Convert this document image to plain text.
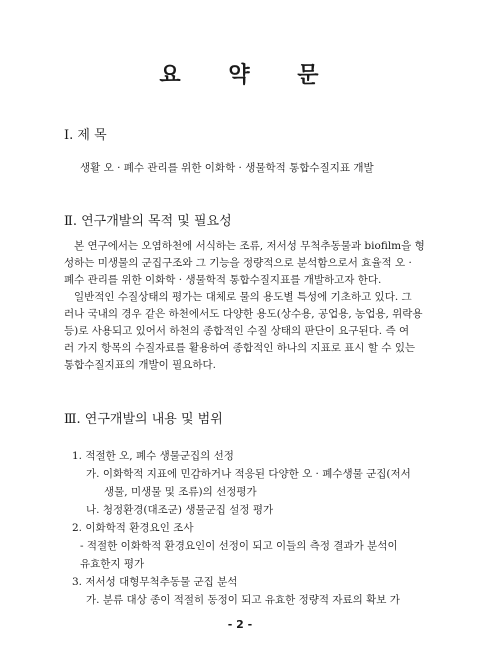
요 약 문
Ⅰ. 제 목
생활 오 · 폐수 관리를 위한 이화학 · 생물학적 통합수질지표 개발
Ⅱ. 연구개발의 목적 및 필요성
본 연구에서는 오염하천에 서식하는 조류, 저서성 무척추동물과 biofilm을 형
성하는 미생물의 군집구조와 그 기능을 정량적으로 분석함으로서 효율적 오 ·
폐수 관리를 위한 이화학 · 생물학적 통합수질지표를 개발하고자 한다.
일반적인 수질상태의 평가는 대체로 물의 용도별 특성에 기초하고 있다. 그
러나 국내의 경우 같은 하천에서도 다양한 용도(상수용, 공업용, 농업용, 위락용
등)로 사용되고 있어서 하천의 종합적인 수질 상태의 판단이 요구된다. 즉 여
러 가지 항목의 수질자료를 활용하여 종합적인 하나의 지표로 표시 할 수 있는
통합수질지표의 개발이 필요하다.
Ⅲ. 연구개발의 내용 및 범위
1. 적절한 오, 폐수 생물군집의 선정
가. 이화학적 지표에 민감하거나 적응된 다양한 오 · 폐수생물 군집(저서
생물, 미생물 및 조류)의 선정평가
나. 청정환경(대조군) 생물군집 설정 평가
2. 이화학적 환경요인 조사
- 적절한 이화학적 환경요인이 선정이 되고 이들의 측정 결과가 분석이
유효한지 평가
3. 저서성 대형무척추동물 군집 분석
가. 분류 대상 종이 적절히 동정이 되고 유효한 정량적 자료의 확보 가
- 2 -
